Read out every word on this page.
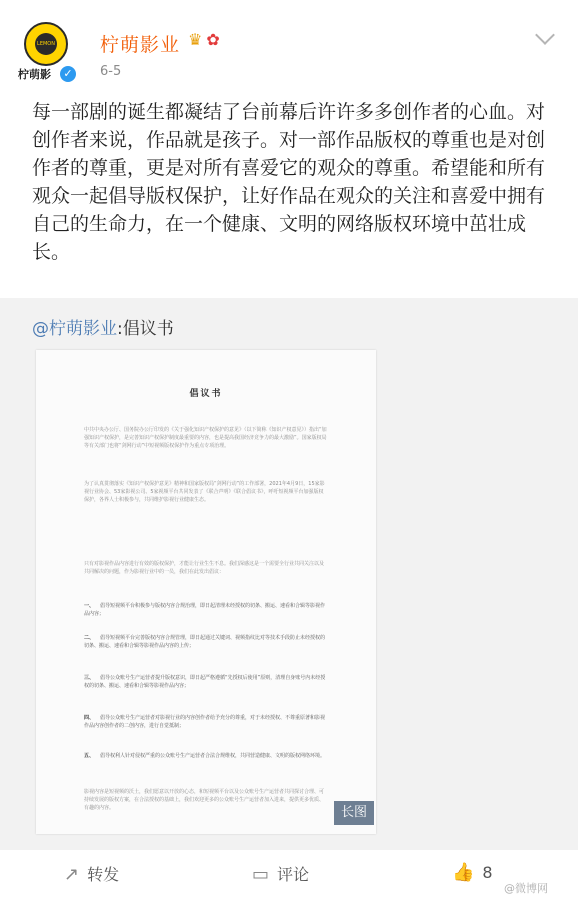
LEMON
柠萌影	✓
柠萌影业 ♛ ✿
6-5
每一部剧的诞生都凝结了台前幕后许许多多创作者的心血。对创作者来说，作品就是孩子。对一部作品版权的尊重也是对创作者的尊重，更是对所有喜爱它的观众的尊重。希望能和所有观众一起倡导版权保护，让好作品在观众的关注和喜爱中拥有自己的生命力，在一个健康、文明的网络版权环境中茁壮成长。
@柠萌影业:倡议书
倡议书
中共中央办公厅、国务院办公厅印发的《关于强化知识产权保护的意见》（以下简称《知识产权意见》）指出“加强知识产权保护，是完善知识产权保护制度最重要的内容，也是提高我国经济竞争力的最大激励”。国家版权局等有关部门也将“剑网行动”中短视频版权保护作为重点专项治理。
为了认真贯彻落实《知识产权保护意见》精神和国家版权局“剑网行动”的工作部署，2021年4月9日，15家影视行业协会、53家影视公司、5家视频平台共同发表了《联合声明》《联合倡议书》，呼吁短视频平台加强版权保护，各界人士积极参与，共同维护影视行业健康生态。
只有对影视作品内容进行有效的版权保护，才能让行业生生不息。我们深感这是一个需要全行业共同关注以及共同解决的问题，作为影视行业中的一员，我们在此发出倡议：
一、 倡导短视频平台积极参与版权内容合规治理，即日起清理未经授权的切条、搬运、速看和合辑等影视作品内容；
二、 倡导短视频平台完善版权内容合规管理，即日起通过关键词、视频指纹比对等技术手段防止未经授权的切条、搬运、速看和合辑等影视作品内容的上传；
三、 倡导公众账号生产运营者提升版权意识，即日起严格遵循“先授权后使用”原则，清理自身账号内未经授权的切条、搬运、速看和合辑等影视作品内容；
四、 倡导公众账号生产运营者对影视行业的内容创作者给予充分的尊重，对于未经授权、不尊重原著和影视作品内容创作者的二创内容，进行自觉抵制；
五、 倡导权利人针对侵权严重的公众账号生产运营者合法合规维权，共同营造健康、文明的版权网络环境。
影视内容是短视频的沃土，我们愿意以开放的心态，和短视频平台以及公众账号生产运营者共同探讨合理、可持续发展的版权方案，在合法授权的基础上，我们欢迎更多的公众账号生产运营者加入进来，提供更多优质、有趣的内容。	长图
↗ 转发	▭ 评论	👍 8
@微博网
